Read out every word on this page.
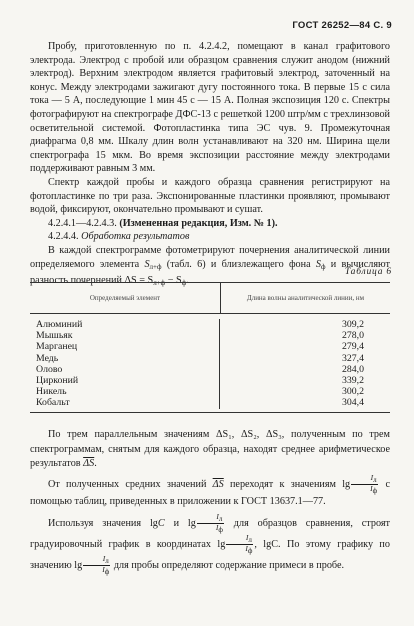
ГОСТ 26252—84 С. 9

Пробу, приготовленную по п. 4.2.4.2, помещают в канал графитового электрода. Электрод с пробой или образцом сравнения служит анодом (нижний электрод). Верхним электродом является графитовый электрод, заточенный на конус. Между электродами зажигают дугу постоянного тока. В первые 15 с сила тока — 5 А, последующие 1 мин 45 с — 15 А. Полная экспозиция 120 с. Спектры фотографируют на спектрографе ДФС-13 с решеткой 1200 штр/мм с трехлинзовой осветительной системой. Фотопластинка типа ЭС чув. 9. Промежуточная диафрагма 0,8 мм. Шкалу длин волн устанавливают на 320 нм. Ширина щели спектрографа 15 мкм. Во время экспозиции расстояние между электродами поддерживают равным 3 мм.

Спектр каждой пробы и каждого образца сравнения регистрируют на фотопластинке по три раза. Экспонированные пластинки проявляют, промывают водой, фиксируют, окончательно промывают и сушат.

4.2.4.1—4.2.4.3. (Измененная редакция, Изм. № 1).

4.2.4.4. Обработка результатов

В каждой спектрограмме фотометрируют почернения аналитической линии определяемого элемента $S_{л+ф}$ (табл. 6) и близлежащего фона $S_ф$ и вычисляют разность почернений $\Delta S = S_{л+ф} - S_ф$.

Таблица 6
Определяемый элемент	Длина волны аналитической линии, нм
Алюминий	309,2
Мышьяк	278,0
Марганец	279,4
Медь	327,4
Олово	284,0
Цирконий	339,2
Никель	300,2
Кобальт	304,4

По трем параллельным значениям ΔS₁, ΔS₂, ΔS₃, полученным по трем спектрограммам, снятым для каждого образца, находят среднее арифметическое результатов $\overline{\Delta S}$.

От полученных средних значений $\overline{\Delta S}$ переходят к значениям $\lg \frac{Iл}{Iф}$ с помощью таблиц, приведенных в приложении к ГОСТ 13637.1—77.

Используя значения lgC и $\lg \frac{Iл}{Iф}$ для образцов сравнения, строят градуировочный график в координатах $\lg \frac{Iл}{Iф}$ , lgC. По этому графику по значению $\lg \frac{Iл}{Iф}$ для пробы определяют содержание примеси в пробе.
